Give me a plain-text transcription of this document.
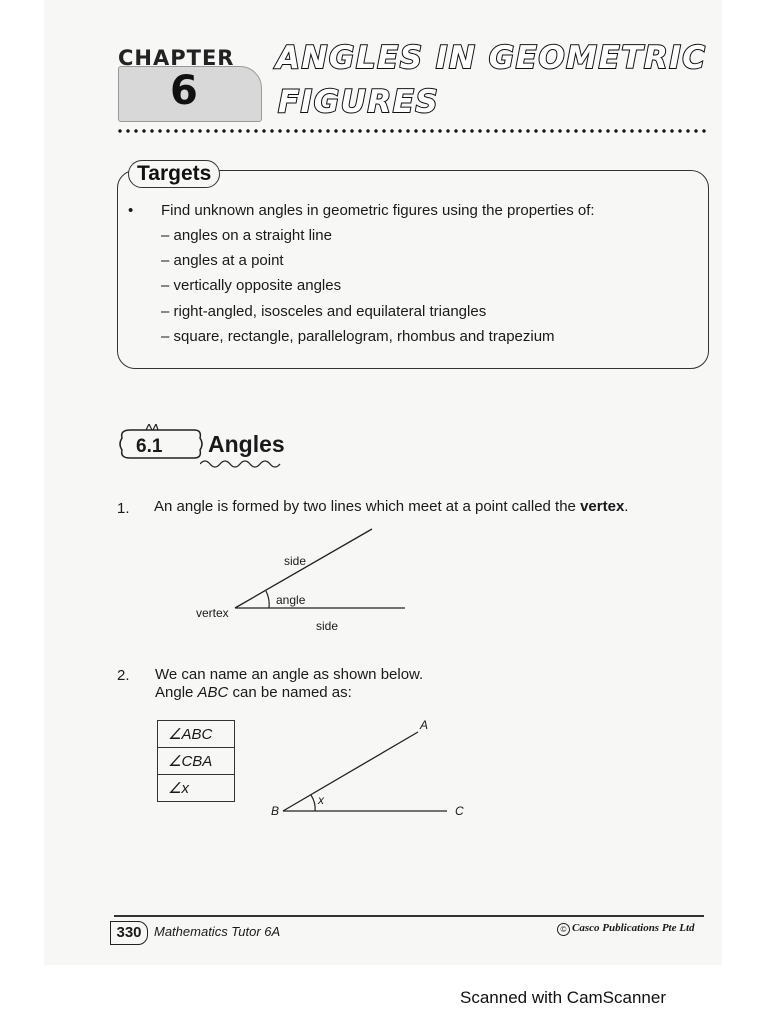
CHAPTER
6
ANGLES IN GEOMETRIC
FIGURES
Targets
• Find unknown angles in geometric figures using the properties of:
– angles on a straight line
– angles at a point
– vertically opposite angles
– right-angled, isosceles and equilateral triangles
– square, rectangle, parallelogram, rhombus and trapezium
6.1 Angles
1. An angle is formed by two lines which meet at a point called the vertex.
side
angle
vertex
side
2. We can name an angle as shown below.
Angle ABC can be named as:
∠ABC
∠CBA
∠x
A
B	C
x
330 Mathematics Tutor 6A	© Casco Publications Pte Ltd
Scanned with CamScanner
